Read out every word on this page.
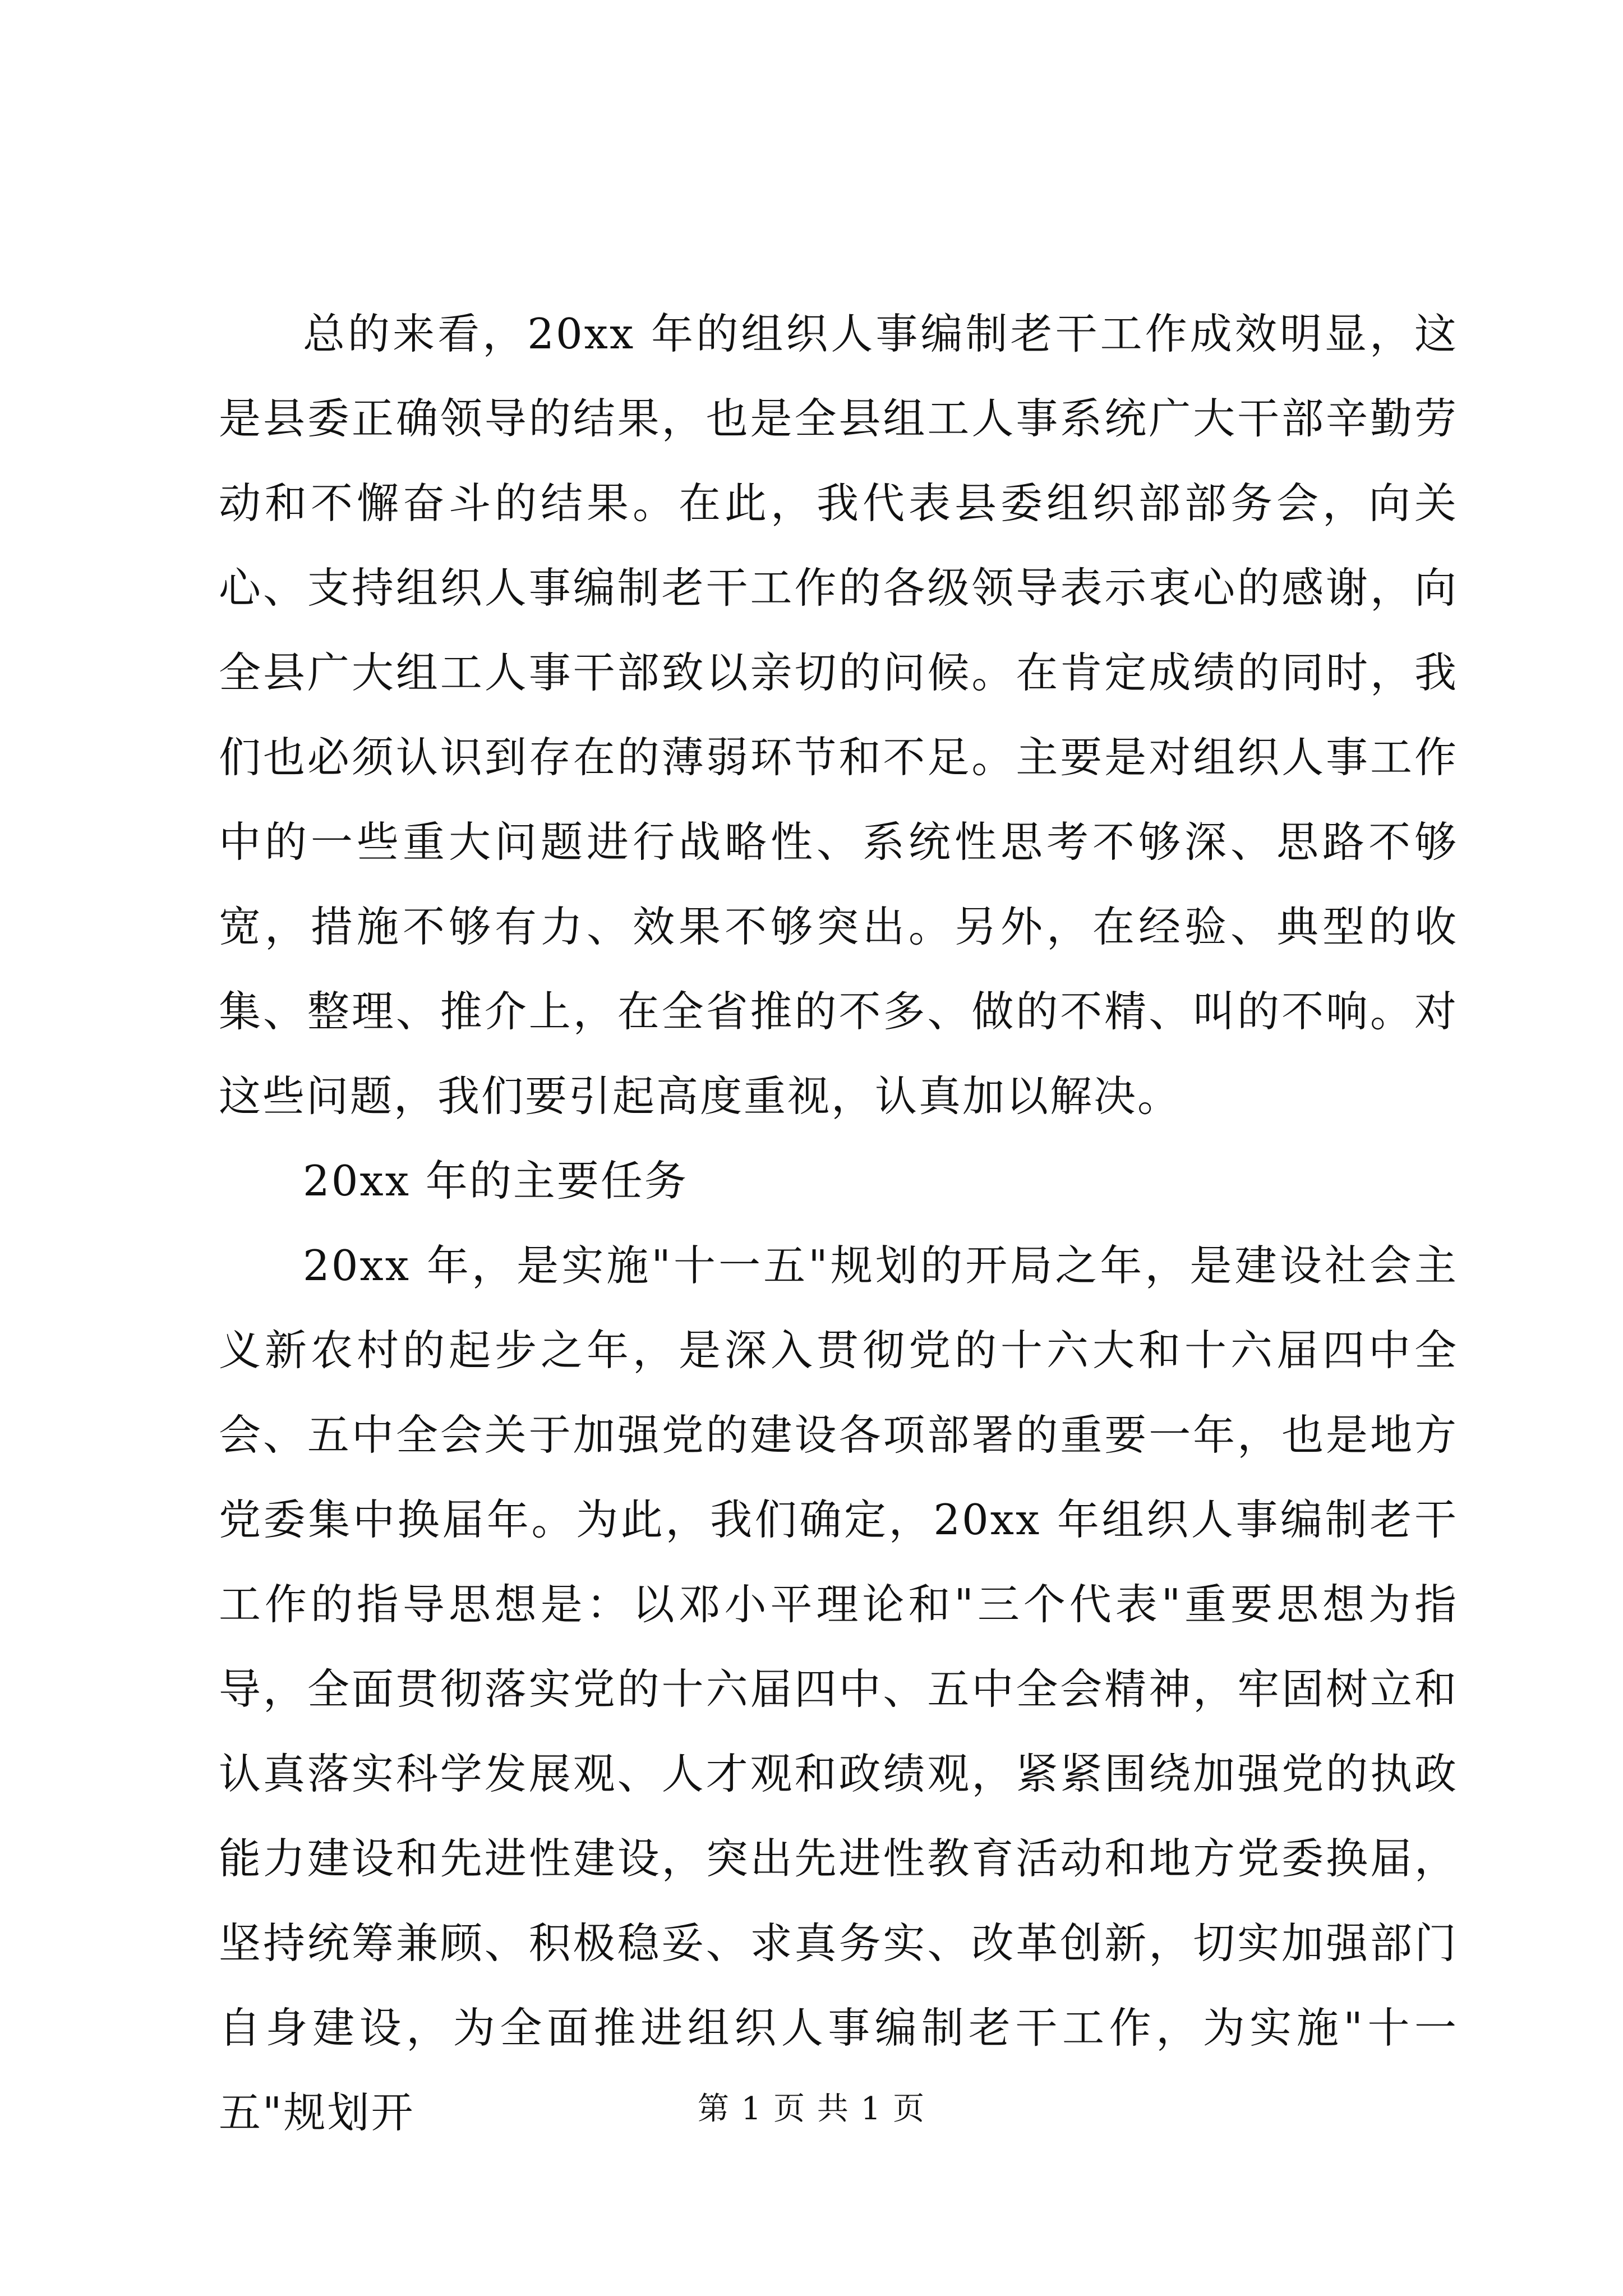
总的来看，20xx 年的组织人事编制老干工作成效明显，这是县委正确领导的结果，也是全县组工人事系统广大干部辛勤劳动和不懈奋斗的结果。在此，我代表县委组织部部务会，向关心、支持组织人事编制老干工作的各级领导表示衷心的感谢，向全县广大组工人事干部致以亲切的问候。在肯定成绩的同时，我们也必须认识到存在的薄弱环节和不足。主要是对组织人事工作中的一些重大问题进行战略性、系统性思考不够深、思路不够宽，措施不够有力、效果不够突出。另外，在经验、典型的收集、整理、推介上，在全省推的不多、做的不精、叫的不响。对这些问题，我们要引起高度重视，认真加以解决。

20xx 年的主要任务

20xx 年，是实施"十一五"规划的开局之年，是建设社会主义新农村的起步之年，是深入贯彻党的十六大和十六届四中全会、五中全会关于加强党的建设各项部署的重要一年，也是地方党委集中换届年。为此，我们确定，20xx 年组织人事编制老干工作的指导思想是：以邓小平理论和"三个代表"重要思想为指导，全面贯彻落实党的十六届四中、五中全会精神，牢固树立和认真落实科学发展观、人才观和政绩观，紧紧围绕加强党的执政能力建设和先进性建设，突出先进性教育活动和地方党委换届，坚持统筹兼顾、积极稳妥、求真务实、改革创新，切实加强部门自身建设，为全面推进组织人事编制老干工作，为实施"十一五"规划开	第 1 页 共 1 页
